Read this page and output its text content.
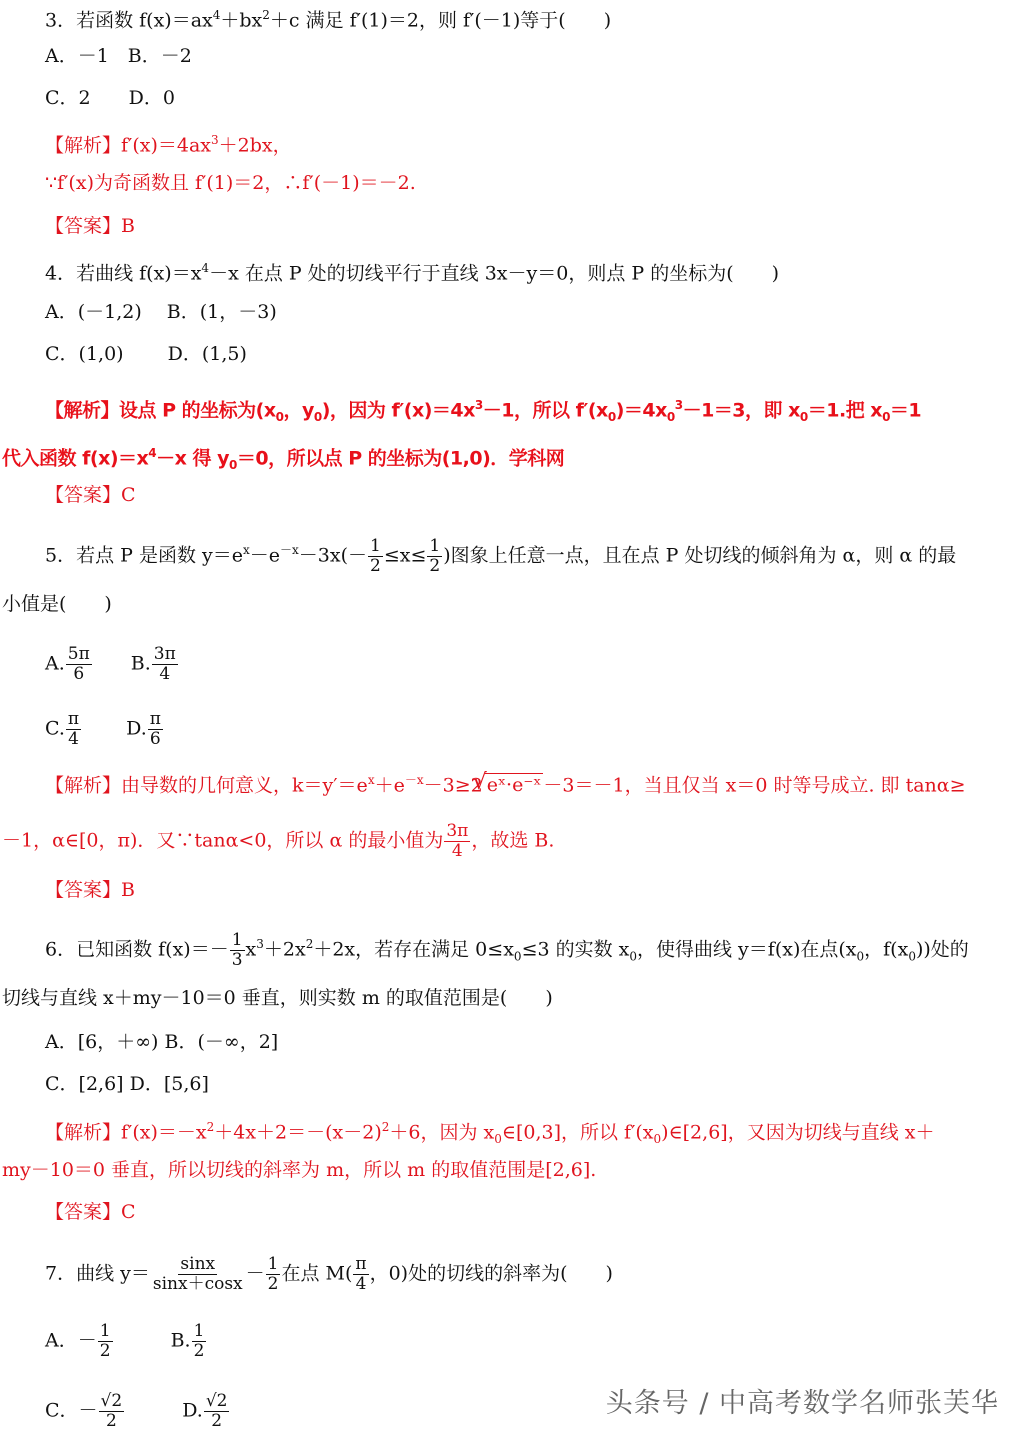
3．若函数 $f(x)=ax^4+bx^2+c$ 满足 f′(1)＝2，则 f′(－1)等于(　　)
A．－1　B．－2
C．2　　D．0
【解析】$f'(x)=4ax^3+2bx$，
∵f′(x)为奇函数且 f′(1)＝2，∴f′(－1)＝－2.
【答案】B
4．若曲线 $f(x)=x^4-x$ 在点 P 处的切线平行于直线 3x－y＝0，则点 P 的坐标为(　　)
A．(－1,2)　 B．(1，－3)
C．(1,0)　　 D．(1,5)
【解析】设点 P 的坐标为($x_0$，$y_0$)，因为 $f'(x)=4x^3-1$，所以 $f'(x_0)=4x_0^3-1=3$，即 $x_0=1$.把 $x_0=1$
代入函数 $f(x)=x^4-x$ 得 $y_0=0$，所以点 P 的坐标为(1,0)．学科网
【答案】C
5．若点 P 是函数 $y=e^x-e^{-x}-3x(- \frac{1}{2} \le x\le \frac{1}{2}$ )图象上任意一点，且在点 P 处切线的倾斜角为 α，则 α 的最
小值是(　　)
A. $\frac{5\pi}{6}$ 　　B. $\frac{3\pi}{4}$
C. $\frac{\pi}{4}$ 　　 D. $\frac{\pi}{6}$
【解析】由导数的几何意义，$k=y'=e^x+e^{-x}-3\ge 2$ √ eˣ·e⁻ˣ －3＝－1，当且仅当 x＝0 时等号成立. 即 tanα≥
－1，α∈[0，π)．又∵tanα<0，所以 α 的最小值为 $\frac{3\pi}{4}$ ，故选 B.
【答案】B
6．已知函数 $f(x)=- \frac{1}{3} x^3+2x^2+2x$，若存在满足 $0\le x_0\le 3$ 的实数 $x_0$，使得曲线 y＝f(x)在点($x_0$，$f(x_0)$)处的
切线与直线 x＋my－10＝0 垂直，则实数 m 的取值范围是(　　)
A．[6，＋∞) B．(－∞，2]
C．[2,6] D．[5,6]
【解析】$f'(x)=-x^2+4x+2=-(x-2)^2+6$，因为 $x_0\in[0,3]$，所以 $f'(x_0)\in[2,6]$，又因为切线与直线 x＋
my－10＝0 垂直，所以切线的斜率为 m，所以 m 的取值范围是[2,6].
【答案】C
7．曲线 $y= \frac{\sin x}{\sin x+\cos x} - \frac{1}{2}$ 在点 $M( \frac{\pi}{4}$ ，0)处的切线的斜率为(　　)
A．－ $\frac{1}{2}$ 　　　B. $\frac{1}{2}$
C．－ $\frac{√2}{2}$ 　　　D. $\frac{√2}{2}$	头条号 / 中高考数学名师张芙华
